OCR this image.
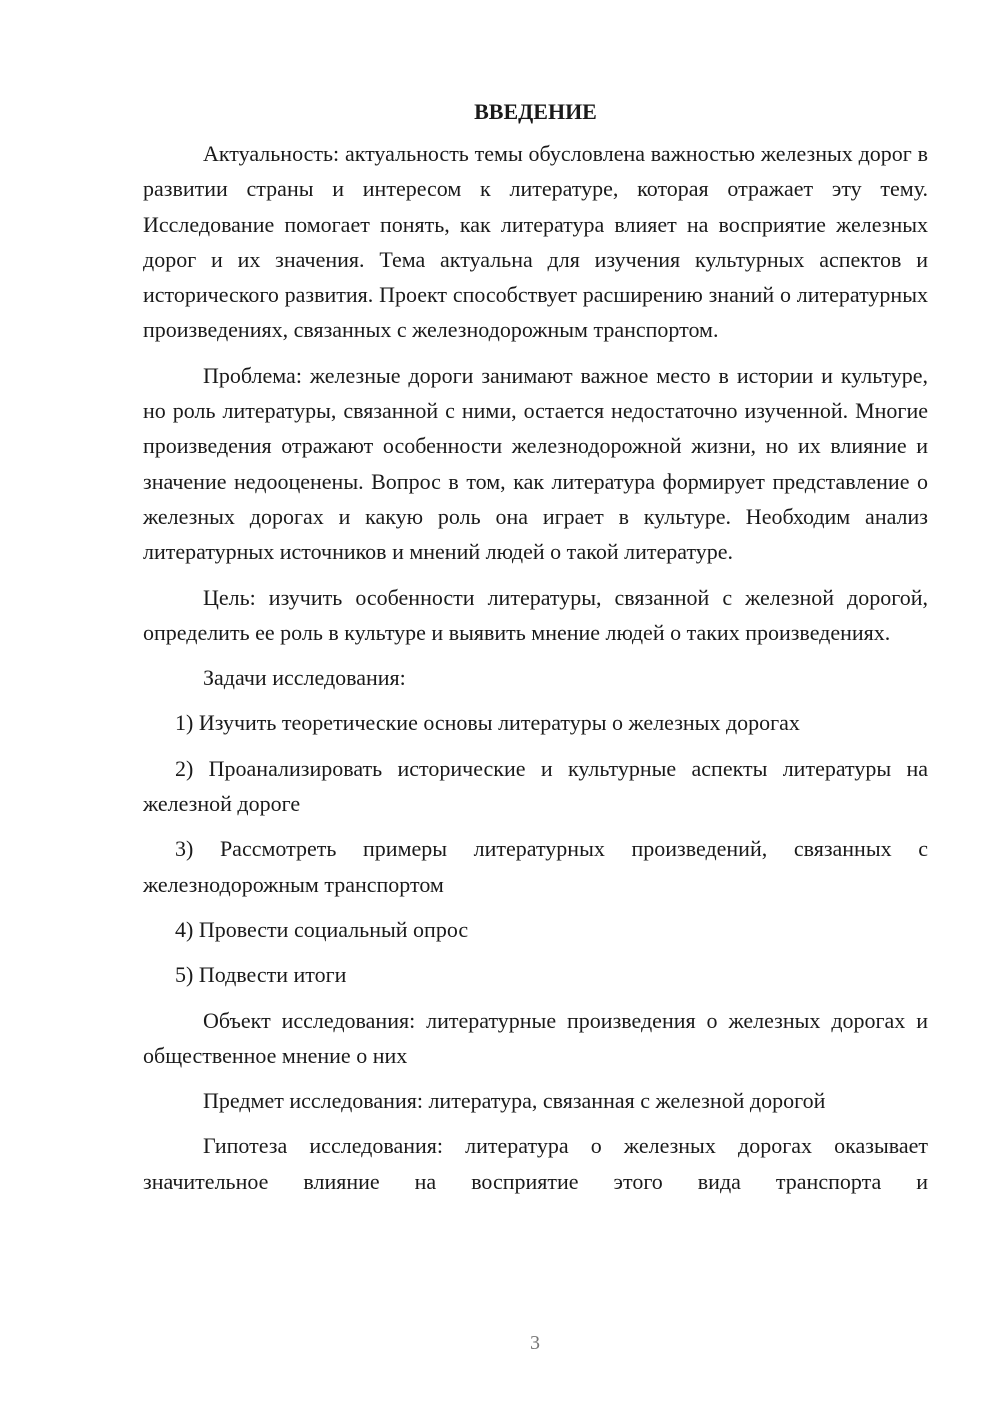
ВВЕДЕНИЕ

Актуальность: актуальность темы обусловлена важностью железных дорог в развитии страны и интересом к литературе, которая отражает эту тему. Исследование помогает понять, как литература влияет на восприятие железных дорог и их значения. Тема актуальна для изучения культурных аспектов и исторического развития. Проект способствует расширению знаний о литературных произведениях, связанных с железнодорожным транспортом.

Проблема: железные дороги занимают важное место в истории и культуре, но роль литературы, связанной с ними, остается недостаточно изученной. Многие произведения отражают особенности железнодорожной жизни, но их влияние и значение недооценены. Вопрос в том, как литература формирует представление о железных дорогах и какую роль она играет в культуре. Необходим анализ литературных источников и мнений людей о такой литературе.

Цель: изучить особенности литературы, связанной с железной дорогой, определить ее роль в культуре и выявить мнение людей о таких произведениях.

Задачи исследования:

1) Изучить теоретические основы литературы о железных дорогах

2) Проанализировать исторические и культурные аспекты литературы на железной дороге

3) Рассмотреть примеры литературных произведений, связанных с железнодорожным транспортом

4) Провести социальный опрос

5) Подвести итоги

Объект исследования: литературные произведения о железных дорогах и общественное мнение о них

Предмет исследования: литература, связанная с железной дорогой

Гипотеза исследования: литература о железных дорогах оказывает значительное влияние на восприятие этого вида транспорта и

3
